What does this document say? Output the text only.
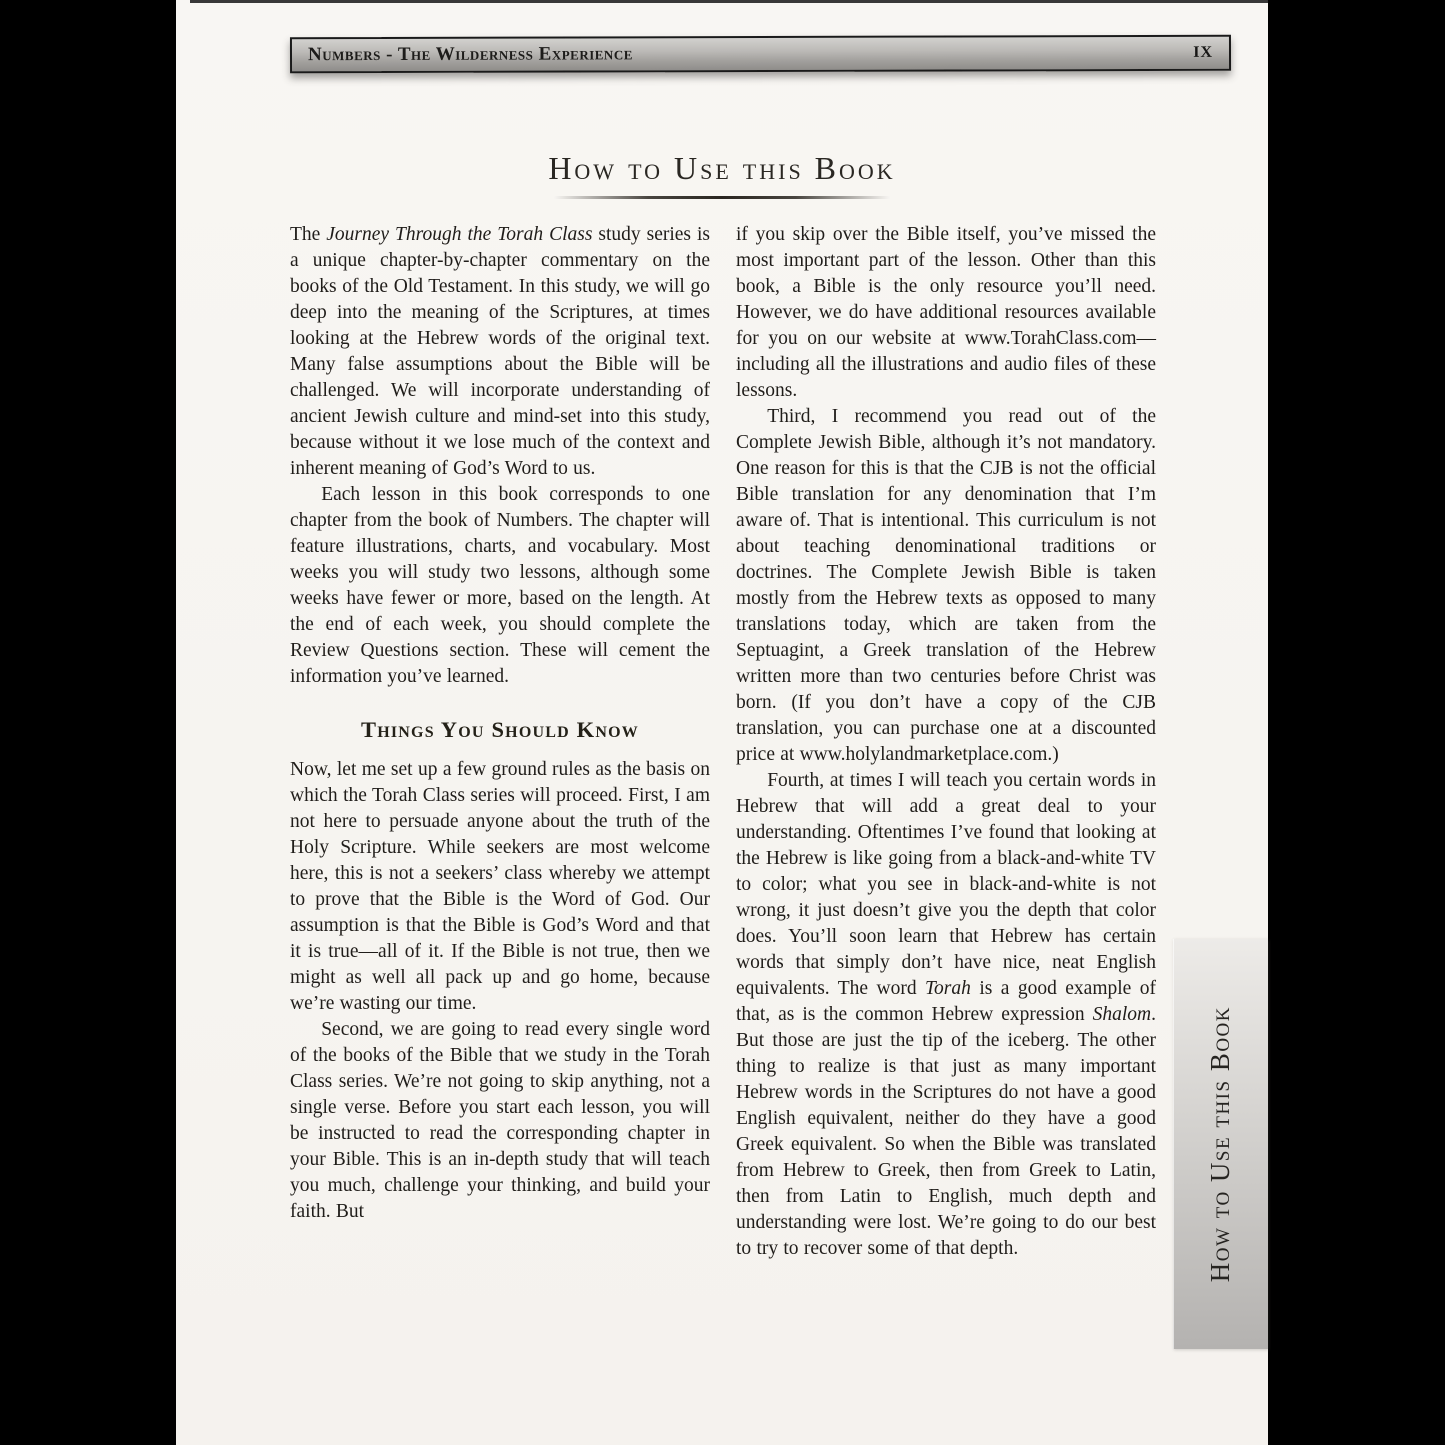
Numbers - The Wilderness Experience	IX
How to Use this Book

The Journey Through the Torah Class study series is a unique chapter-by-chapter commentary on the books of the Old Testament. In this study, we will go deep into the meaning of the Scriptures, at times looking at the Hebrew words of the original text. Many false assumptions about the Bible will be challenged. We will incorporate understanding of ancient Jewish culture and mind-set into this study, because without it we lose much of the context and inherent meaning of God’s Word to us.

Each lesson in this book corresponds to one chapter from the book of Numbers. The chapter will feature illustrations, charts, and vocabulary. Most weeks you will study two lessons, although some weeks have fewer or more, based on the length. At the end of each week, you should complete the Review Questions section. These will cement the information you’ve learned.

Things You Should Know

Now, let me set up a few ground rules as the basis on which the Torah Class series will proceed. First, I am not here to persuade anyone about the truth of the Holy Scripture. While seekers are most welcome here, this is not a seekers’ class whereby we attempt to prove that the Bible is the Word of God. Our assumption is that the Bible is God’s Word and that it is true—all of it. If the Bible is not true, then we might as well all pack up and go home, because we’re wasting our time.

Second, we are going to read every single word of the books of the Bible that we study in the Torah Class series. We’re not going to skip anything, not a single verse. Before you start each lesson, you will be instructed to read the corresponding chapter in your Bible. This is an in-depth study that will teach you much, challenge your thinking, and build your faith. But

if you skip over the Bible itself, you’ve missed the most important part of the lesson. Other than this book, a Bible is the only resource you’ll need. However, we do have additional resources available for you on our website at www.TorahClass.com—including all the illustrations and audio files of these lessons.

Third, I recommend you read out of the Complete Jewish Bible, although it’s not mandatory. One reason for this is that the CJB is not the official Bible translation for any denomination that I’m aware of. That is intentional. This curriculum is not about teaching denominational traditions or doctrines. The Complete Jewish Bible is taken mostly from the Hebrew texts as opposed to many translations today, which are taken from the Septuagint, a Greek translation of the Hebrew written more than two centuries before Christ was born. (If you don’t have a copy of the CJB translation, you can purchase one at a discounted price at www.holylandmarketplace.com.)

Fourth, at times I will teach you certain words in Hebrew that will add a great deal to your understanding. Oftentimes I’ve found that looking at the Hebrew is like going from a black-and-white TV to color; what you see in black-and-white is not wrong, it just doesn’t give you the depth that color does. You’ll soon learn that Hebrew has certain words that simply don’t have nice, neat English equivalents. The word Torah is a good example of that, as is the common Hebrew expression Shalom. But those are just the tip of the iceberg. The other thing to realize is that just as many important Hebrew words in the Scriptures do not have a good English equivalent, neither do they have a good Greek equivalent. So when the Bible was translated from Hebrew to Greek, then from Greek to Latin, then from Latin to English, much depth and understanding were lost. We’re going to do our best to try to recover some of that depth.	How to Use this Book
